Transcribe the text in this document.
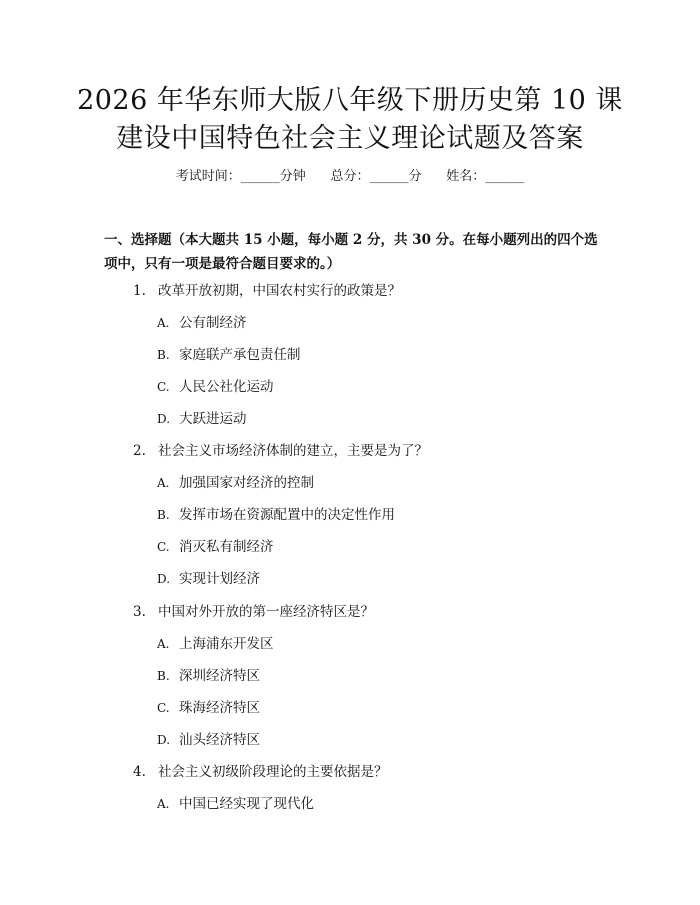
2026 年华东师大版八年级下册历史第 10 课
建设中国特色社会主义理论试题及答案
考试时间：______分钟      总分：______分      姓名：______
一、选择题（本大题共 15 小题，每小题 2 分，共 30 分。在每小题列出的四个选
项中，只有一项是最符合题目要求的。）
1. 改革开放初期，中国农村实行的政策是？
A. 公有制经济
B. 家庭联产承包责任制
C. 人民公社化运动
D. 大跃进运动
2. 社会主义市场经济体制的建立，主要是为了？
A. 加强国家对经济的控制
B. 发挥市场在资源配置中的决定性作用
C. 消灭私有制经济
D. 实现计划经济
3. 中国对外开放的第一座经济特区是？
A. 上海浦东开发区
B. 深圳经济特区
C. 珠海经济特区
D. 汕头经济特区
4. 社会主义初级阶段理论的主要依据是？
A. 中国已经实现了现代化
